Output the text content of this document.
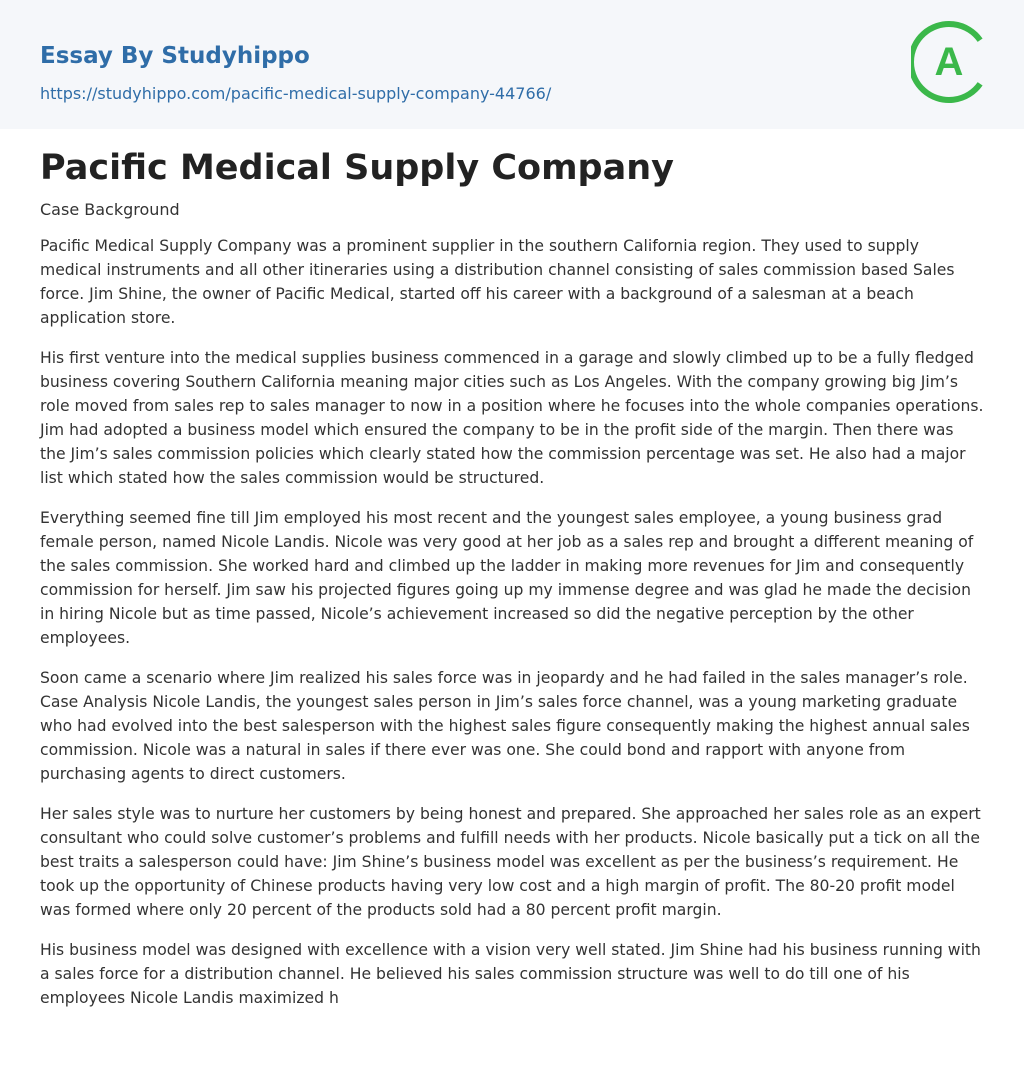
Essay By Studyhippo
https://studyhippo.com/pacific-medical-supply-company-44766/
A
Pacific Medical Supply Company

Case Background

Pacific Medical Supply Company was a prominent supplier in the southern California region. They used to supply medical instruments and all other itineraries using a distribution channel consisting of sales commission based Sales force. Jim Shine, the owner of Pacific Medical, started off his career with a background of a salesman at a beach application store.

His first venture into the medical supplies business commenced in a garage and slowly climbed up to be a fully fledged business covering Southern California meaning major cities such as Los Angeles. With the company growing big Jim’s role moved from sales rep to sales manager to now in a position where he focuses into the whole companies operations. Jim had adopted a business model which ensured the company to be in the profit side of the margin. Then there was the Jim’s sales commission policies which clearly stated how the commission percentage was set. He also had a major list which stated how the sales commission would be structured.

Everything seemed fine till Jim employed his most recent and the youngest sales employee, a young business grad female person, named Nicole Landis. Nicole was very good at her job as a sales rep and brought a different meaning of the sales commission. She worked hard and climbed up the ladder in making more revenues for Jim and consequently commission for herself. Jim saw his projected figures going up my immense degree and was glad he made the decision in hiring Nicole but as time passed, Nicole’s achievement increased so did the negative perception by the other employees.

Soon came a scenario where Jim realized his sales force was in jeopardy and he had failed in the sales manager’s role. Case Analysis Nicole Landis, the youngest sales person in Jim’s sales force channel, was a young marketing graduate who had evolved into the best salesperson with the highest sales figure consequently making the highest annual sales commission. Nicole was a natural in sales if there ever was one. She could bond and rapport with anyone from purchasing agents to direct customers.

Her sales style was to nurture her customers by being honest and prepared. She approached her sales role as an expert consultant who could solve customer’s problems and fulfill needs with her products. Nicole basically put a tick on all the best traits a salesperson could have: Jim Shine’s business model was excellent as per the business’s requirement. He took up the opportunity of Chinese products having very low cost and a high margin of profit. The 80-20 profit model was formed where only 20 percent of the products sold had a 80 percent profit margin.

His business model was designed with excellence with a vision very well stated. Jim Shine had his business running with a sales force for a distribution channel. He believed his sales commission structure was well to do till one of his employees Nicole Landis maximized h
